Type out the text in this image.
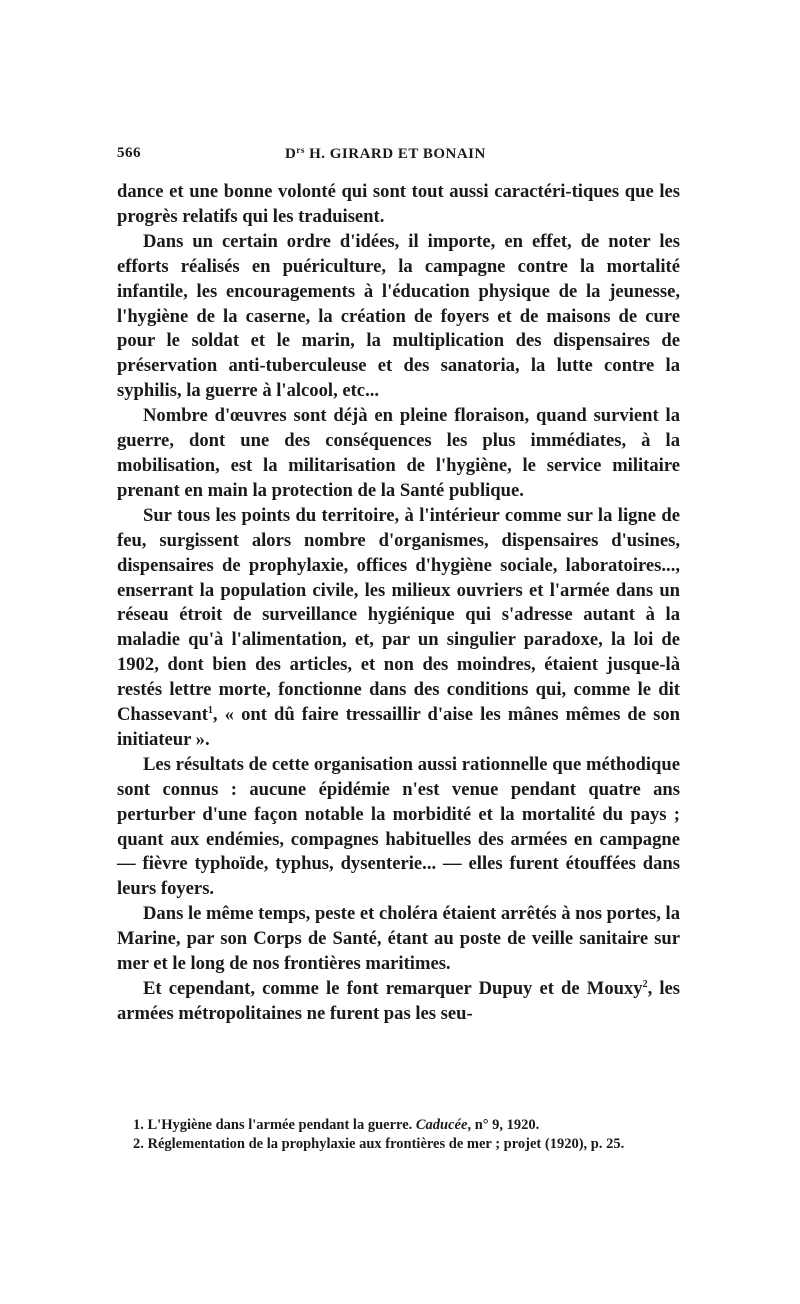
566	$D^{rs}$ H. GIRARD ET BONAIN

dance et une bonne volonté qui sont tout aussi caractéri-tiques que les progrès relatifs qui les traduisent.

Dans un certain ordre d'idées, il importe, en effet, de noter les efforts réalisés en puériculture, la campagne contre la mortalité infantile, les encouragements à l'éducation physique de la jeunesse, l'hygiène de la caserne, la création de foyers et de maisons de cure pour le soldat et le marin, la multiplication des dispensaires de préservation anti-tuberculeuse et des sanatoria, la lutte contre la syphilis, la guerre à l'alcool, etc...

Nombre d'œuvres sont déjà en pleine floraison, quand survient la guerre, dont une des conséquences les plus immédiates, à la mobilisation, est la militarisation de l'hygiène, le service militaire prenant en main la protection de la Santé publique.

Sur tous les points du territoire, à l'intérieur comme sur la ligne de feu, surgissent alors nombre d'organismes, dispensaires d'usines, dispensaires de prophylaxie, offices d'hygiène sociale, laboratoires..., enserrant la population civile, les milieux ouvriers et l'armée dans un réseau étroit de surveillance hygiénique qui s'adresse autant à la maladie qu'à l'alimentation, et, par un singulier paradoxe, la loi de 1902, dont bien des articles, et non des moindres, étaient jusque-là restés lettre morte, fonctionne dans des conditions qui, comme le dit Chassevant$^1$, « ont dû faire tressaillir d'aise les mânes mêmes de son initiateur ».

Les résultats de cette organisation aussi rationnelle que méthodique sont connus : aucune épidémie n'est venue pendant quatre ans perturber d'une façon notable la morbidité et la mortalité du pays ; quant aux endémies, compagnes habituelles des armées en campagne — fièvre typhoïde, typhus, dysenterie... — elles furent étouffées dans leurs foyers.

Dans le même temps, peste et choléra étaient arrêtés à nos portes, la Marine, par son Corps de Santé, étant au poste de veille sanitaire sur mer et le long de nos frontières maritimes.

Et cependant, comme le font remarquer Dupuy et de Mouxy$^2$, les armées métropolitaines ne furent pas les seu-

1. L'Hygiène dans l'armée pendant la guerre. Caducée, n° 9, 1920.

2. Réglementation de la prophylaxie aux frontières de mer ; projet (1920), p. 25.
